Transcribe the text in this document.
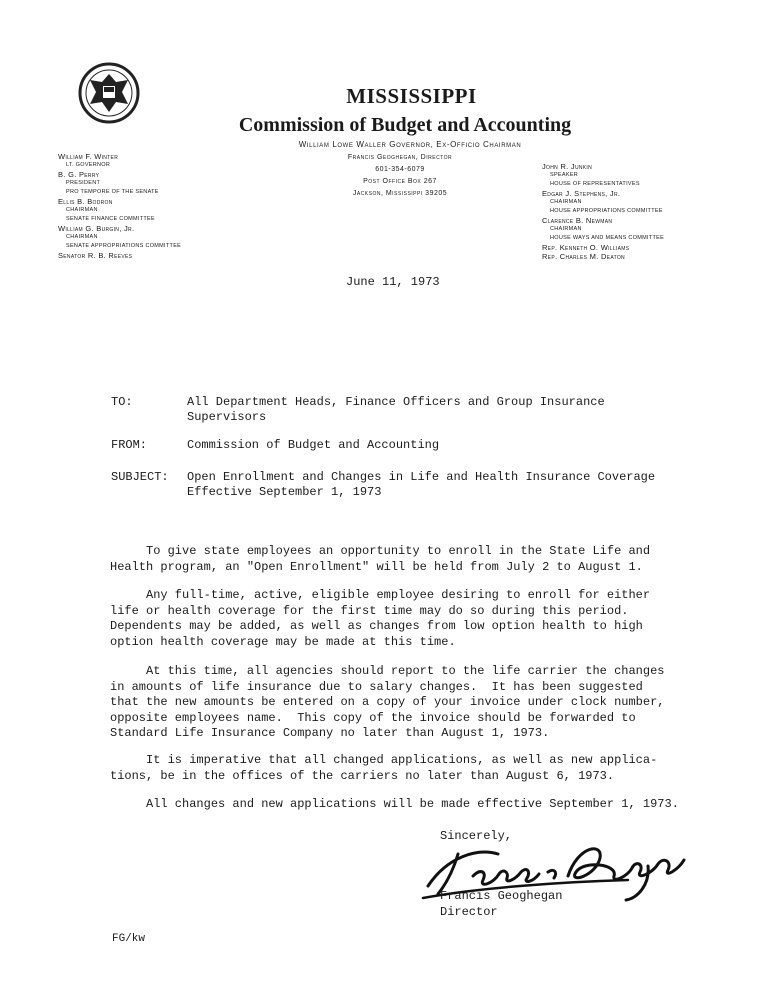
MISSISSIPPI
Commission of Budget and Accounting
William Lowe Waller Governor, Ex-Officio Chairman
Francis Geoghegan, Director
601-354-6079
Post Office Box 267
Jackson, Mississippi 39205
William F. Winter
LT. GOVERNOR
B. G. Perry
PRESIDENT
PRO TEMPORE OF THE SENATE
Ellis B. Bodron
CHAIRMAN
SENATE FINANCE COMMITTEE
William G. Burgin, Jr.
CHAIRMAN
SENATE APPROPRIATIONS COMMITTEE
Senator R. B. Reeves
John R. Junkin
SPEAKER
HOUSE OF REPRESENTATIVES
Edgar J. Stephens, Jr.
CHAIRMAN
HOUSE APPROPRIATIONS COMMITTEE
Clarence B. Newman
CHAIRMAN
HOUSE WAYS AND MEANS COMMITTEE
Rep. Kenneth O. Williams
Rep. Charles M. Deaton
June 11, 1973
TO:	All Department Heads, Finance Officers and Group Insurance
Supervisors
FROM:	Commission of Budget and Accounting
SUBJECT: Open Enrollment and Changes in Life and Health Insurance Coverage
Effective September 1, 1973
To give state employees an opportunity to enroll in the State Life and
Health program, an "Open Enrollment" will be held from July 2 to August 1.
Any full-time, active, eligible employee desiring to enroll for either
life or health coverage for the first time may do so during this period.
Dependents may be added, as well as changes from low option health to high
option health coverage may be made at this time.
At this time, all agencies should report to the life carrier the changes
in amounts of life insurance due to salary changes.  It has been suggested
that the new amounts be entered on a copy of your invoice under clock number,
opposite employees name.  This copy of the invoice should be forwarded to
Standard Life Insurance Company no later than August 1, 1973.
It is imperative that all changed applications, as well as new applica-
tions, be in the offices of the carriers no later than August 6, 1973.
All changes and new applications will be made effective September 1, 1973.
Sincerely,
Francis Geoghegan
Director
FG/kw
